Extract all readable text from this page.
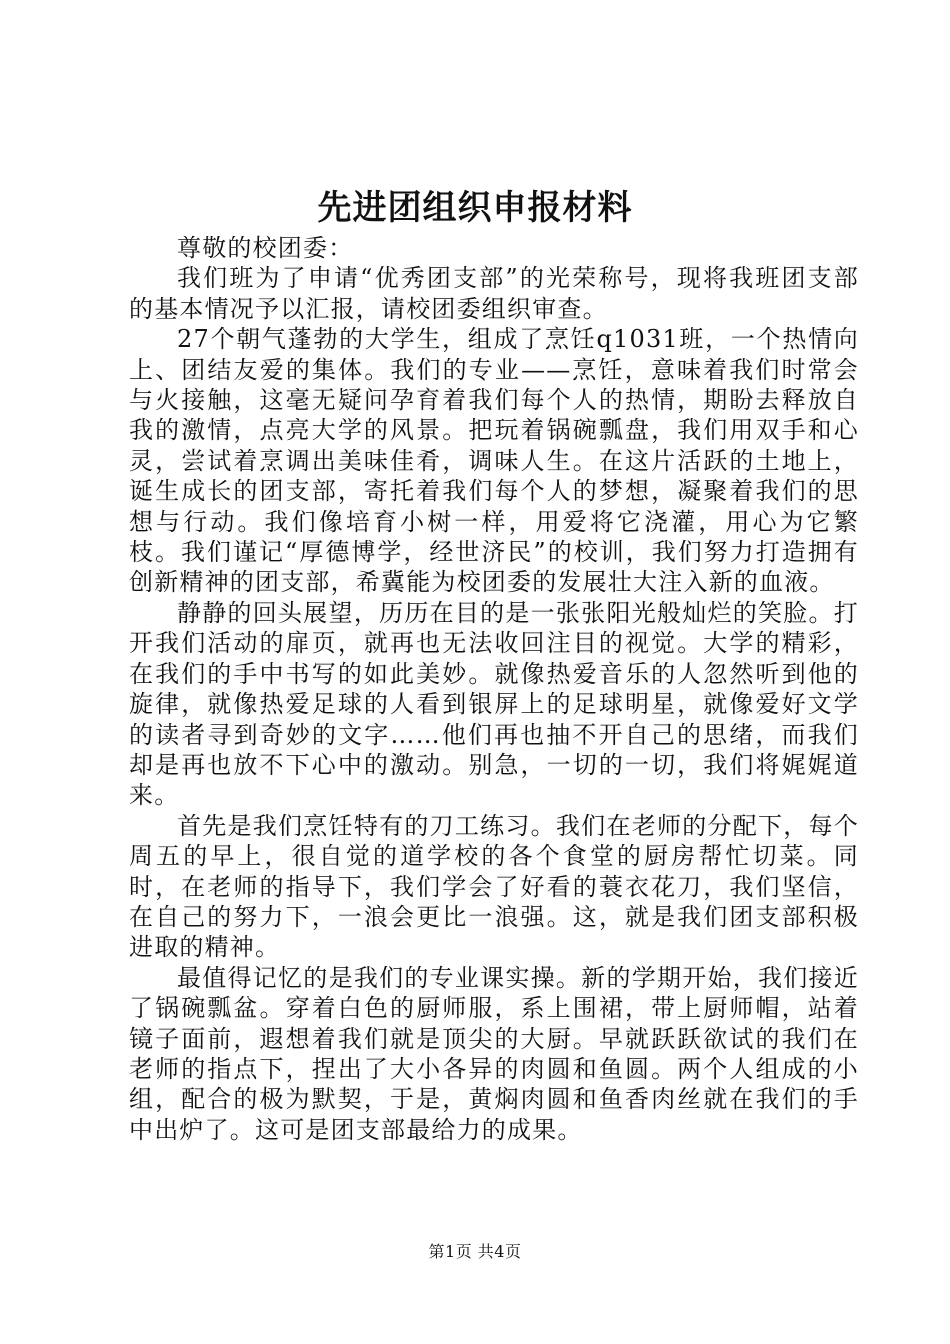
先进团组织申报材料

尊敬的校团委：

我们班为了申请“优秀团支部”的光荣称号，现将我班团支部的基本情况予以汇报，请校团委组织审查。

27个朝气蓬勃的大学生，组成了烹饪q1031班，一个热情向上、团结友爱的集体。我们的专业——烹饪，意味着我们时常会与火接触，这毫无疑问孕育着我们每个人的热情，期盼去释放自我的激情，点亮大学的风景。把玩着锅碗瓢盘，我们用双手和心灵，尝试着烹调出美味佳肴，调味人生。在这片活跃的土地上，诞生成长的团支部，寄托着我们每个人的梦想，凝聚着我们的思想与行动。我们像培育小树一样，用爱将它浇灌，用心为它繁枝。我们谨记“厚德博学，经世济民”的校训，我们努力打造拥有创新精神的团支部，希冀能为校团委的发展壮大注入新的血液。

静静的回头展望，历历在目的是一张张阳光般灿烂的笑脸。打开我们活动的扉页，就再也无法收回注目的视觉。大学的精彩，在我们的手中书写的如此美妙。就像热爱音乐的人忽然听到他的旋律，就像热爱足球的人看到银屏上的足球明星，就像爱好文学的读者寻到奇妙的文字……他们再也抽不开自己的思绪，而我们却是再也放不下心中的激动。别急，一切的一切，我们将娓娓道来。

首先是我们烹饪特有的刀工练习。我们在老师的分配下，每个周五的早上，很自觉的道学校的各个食堂的厨房帮忙切菜。同时，在老师的指导下，我们学会了好看的蓑衣花刀，我们坚信，在自己的努力下，一浪会更比一浪强。这，就是我们团支部积极进取的精神。

最值得记忆的是我们的专业课实操。新的学期开始，我们接近了锅碗瓢盆。穿着白色的厨师服，系上围裙，带上厨师帽，站着镜子面前，遐想着我们就是顶尖的大厨。早就跃跃欲试的我们在老师的指点下，捏出了大小各异的肉圆和鱼圆。两个人组成的小组，配合的极为默契，于是，黄焖肉圆和鱼香肉丝就在我们的手中出炉了。这可是团支部最给力的成果。

第1页 共4页
